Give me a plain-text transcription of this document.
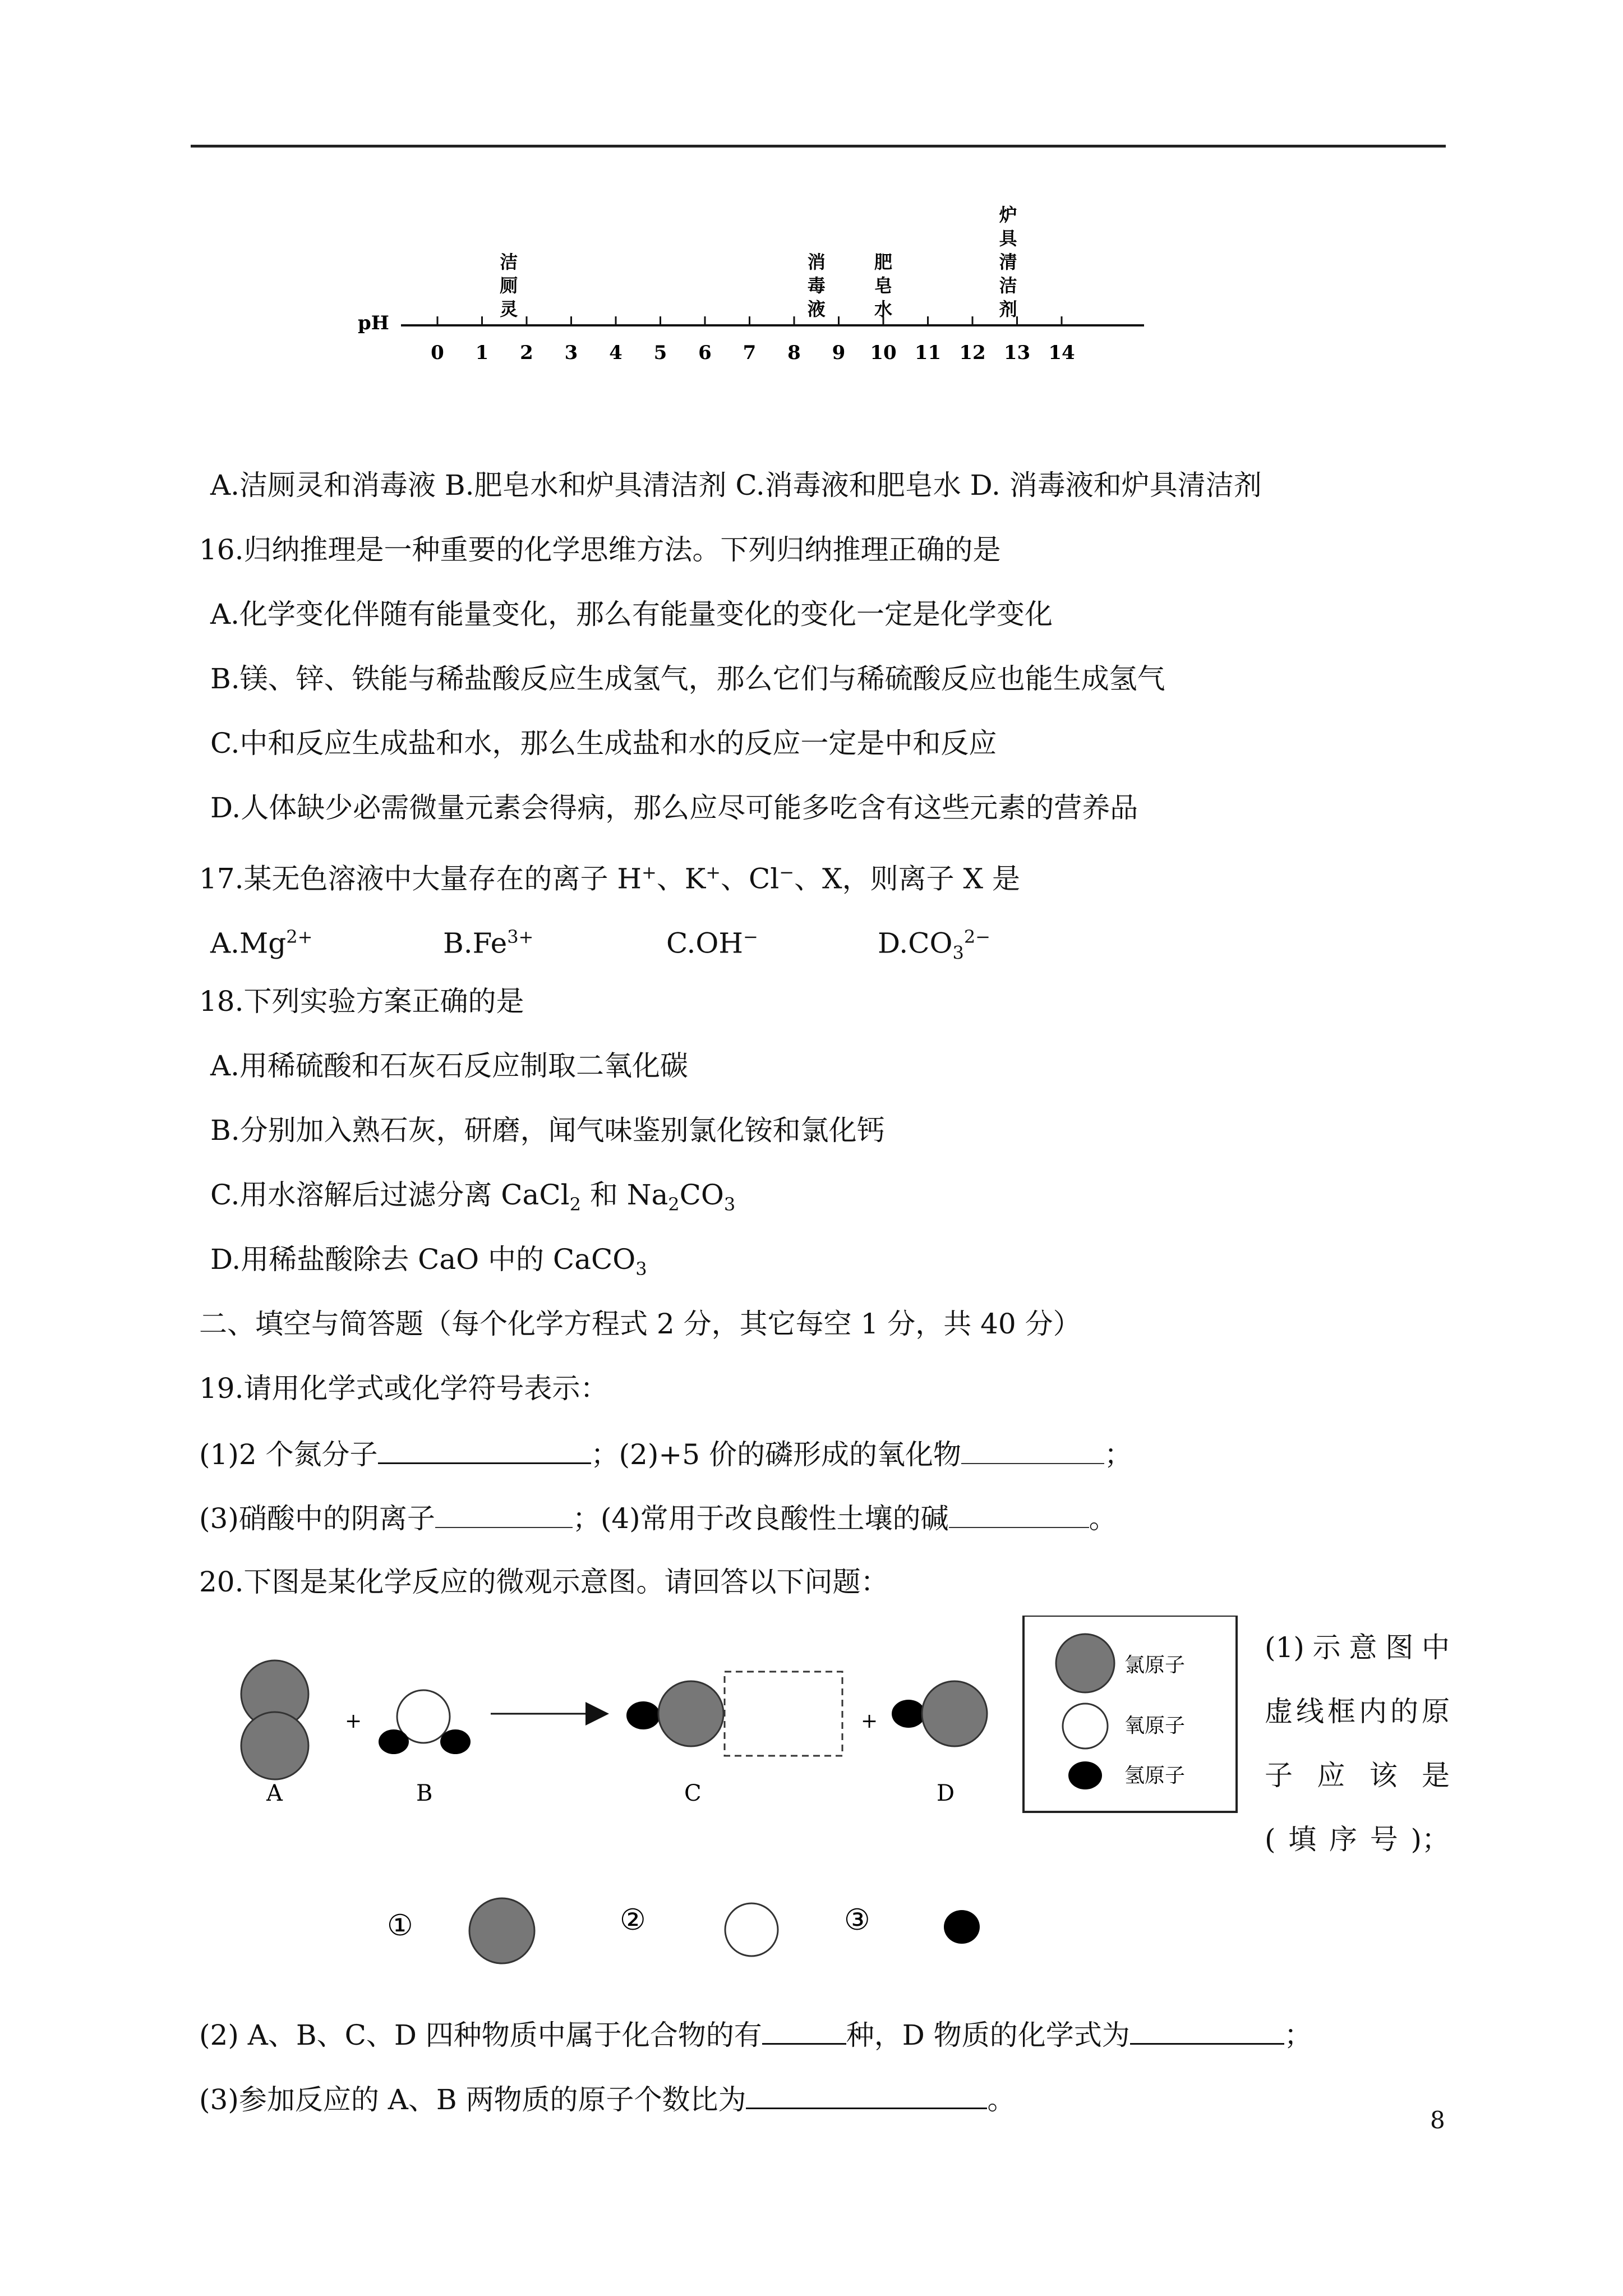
pH
0 1 2 3 4 5 6 7 8 9 10 11 12 13 14
洁
厕
灵
消
毒
液
肥
皂
水
炉
具
清
洁
剂
A.洁厕灵和消毒液 B.肥皂水和炉具清洁剂 C.消毒液和肥皂水 D. 消毒液和炉具清洁剂
16.归纳推理是一种重要的化学思维方法。下列归纳推理正确的是
A.化学变化伴随有能量变化，那么有能量变化的变化一定是化学变化
B.镁、锌、铁能与稀盐酸反应生成氢气，那么它们与稀硫酸反应也能生成氢气
C.中和反应生成盐和水，那么生成盐和水的反应一定是中和反应
D.人体缺少必需微量元素会得病，那么应尽可能多吃含有这些元素的营养品
17.某无色溶液中大量存在的离子 H+、K+、Cl−、X，则离子 X 是
$A.Mg^{2+}$	$B.Fe^{3+}$	C.OH−	$D.CO_3^{2-}$
18.下列实验方案正确的是
A.用稀硫酸和石灰石反应制取二氧化碳
B.分别加入熟石灰，研磨，闻气味鉴别氯化铵和氯化钙
C.用水溶解后过滤分离 CaCl$_2$ 和 $Na_2CO_3$
D.用稀盐酸除去 CaO 中的 CaCO$_3$
二、填空与简答题（每个化学方程式 2 分，其它每空 1 分，共 40 分）
19.请用化学式或化学符号表示：
(1)2 个氮分子	；(2)+5 价的磷形成的氧化物	；
(3)硝酸中的阴离子	；(4)常用于改良酸性土壤的碱	。
20.下图是某化学反应的微观示意图。请回答以下问题：
+	+
A	B	C	D
氯原子
氧原子
氢原子
①	②	③
(1)示意图中
虚线框内的原
子应该是
(填序号)；
(2) A、B、C、D 四种物质中属于化合物的有	种，D 物质的化学式为	；
(3)参加反应的 A、B 两物质的原子个数比为	。
8
